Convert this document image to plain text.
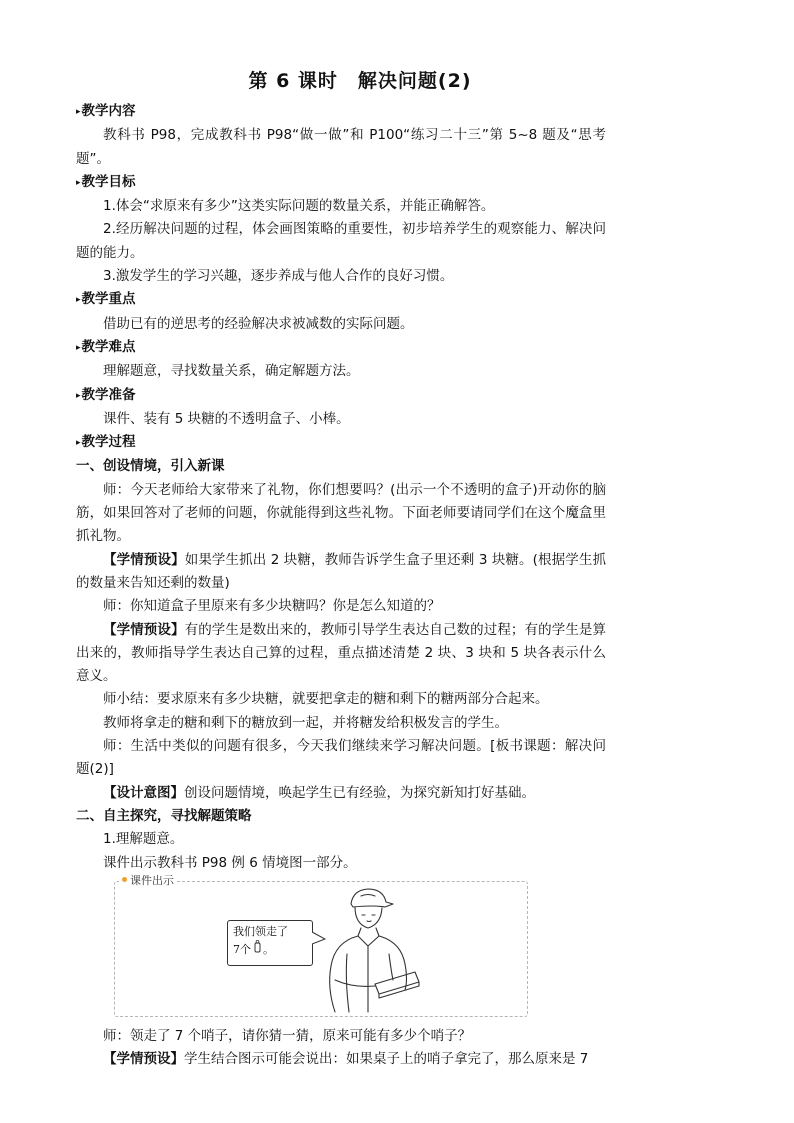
第 6 课时　解决问题(2)
▸教学内容
教科书 P98，完成教科书 P98“做一做”和 P100“练习二十三”第 5~8 题及“思考题”。
▸教学目标
1.体会“求原来有多少”这类实际问题的数量关系，并能正确解答。
2.经历解决问题的过程，体会画图策略的重要性，初步培养学生的观察能力、解决问题的能力。
3.激发学生的学习兴趣，逐步养成与他人合作的良好习惯。
▸教学重点
借助已有的逆思考的经验解决求被减数的实际问题。
▸教学难点
理解题意，寻找数量关系，确定解题方法。
▸教学准备
课件、装有 5 块糖的不透明盒子、小棒。
▸教学过程
一、创设情境，引入新课
师：今天老师给大家带来了礼物，你们想要吗？(出示一个不透明的盒子)开动你的脑筋，如果回答对了老师的问题，你就能得到这些礼物。下面老师要请同学们在这个魔盒里抓礼物。
【学情预设】如果学生抓出 2 块糖，教师告诉学生盒子里还剩 3 块糖。(根据学生抓的数量来告知还剩的数量)
师：你知道盒子里原来有多少块糖吗？你是怎么知道的？
【学情预设】有的学生是数出来的，教师引导学生表达自己数的过程；有的学生是算出来的，教师指导学生表达自己算的过程，重点描述清楚 2 块、3 块和 5 块各表示什么意义。
师小结：要求原来有多少块糖，就要把拿走的糖和剩下的糖两部分合起来。
教师将拿走的糖和剩下的糖放到一起，并将糖发给积极发言的学生。
师：生活中类似的问题有很多，今天我们继续来学习解决问题。[板书课题：解决问题(2)]
【设计意图】创设问题情境，唤起学生已有经验，为探究新知打好基础。
二、自主探究，寻找解题策略
1.理解题意。
课件出示教科书 P98 例 6 情境图一部分。
课件出示
我们领走了
7个 。
师：领走了 7 个哨子，请你猜一猜，原来可能有多少个哨子？
【学情预设】学生结合图示可能会说出：如果桌子上的哨子拿完了，那么原来是 7
